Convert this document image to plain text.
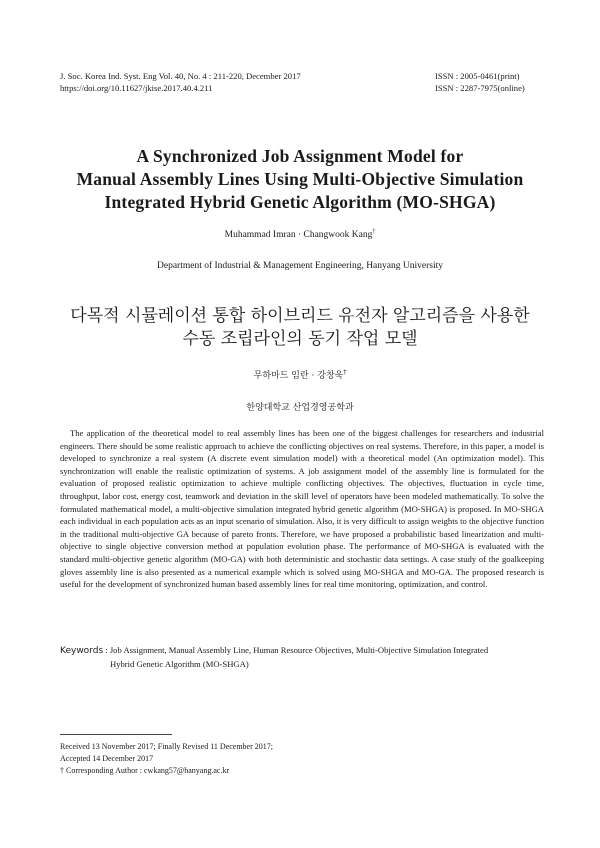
J. Soc. Korea Ind. Syst. Eng Vol. 40, No. 4 : 211-220, December 2017
https://doi.org/10.11627/jkise.2017.40.4.211
ISSN : 2005-0461(print)
ISSN : 2287-7975(online)
A Synchronized Job Assignment Model for
Manual Assembly Lines Using Multi-Objective Simulation
Integrated Hybrid Genetic Algorithm (MO-SHGA)
Muhammad Imran · Changwook Kang†
Department of Industrial & Management Engineering, Hanyang University
다목적 시뮬레이션 통합 하이브리드 유전자 알고리즘을 사용한
수동 조립라인의 동기 작업 모델
무하마드 임란 · 강창욱†
한양대학교 산업경영공학과

The application of the theoretical model to real assembly lines has been one of the biggest challenges for researchers and industrial engineers. There should be some realistic approach to achieve the conflicting objectives on real systems. Therefore, in this paper, a model is developed to synchronize a real system (A discrete event simulation model) with a theoretical model (An optimization model). This synchronization will enable the realistic optimization of systems. A job assignment model of the assembly line is formulated for the evaluation of proposed realistic optimization to achieve multiple conflicting objectives. The objectives, fluctuation in cycle time, throughput, labor cost, energy cost, teamwork and deviation in the skill level of operators have been modeled mathematically. To solve the formulated mathematical model, a multi-objective simulation integrated hybrid genetic algorithm (MO-SHGA) is proposed. In MO-SHGA each individual in each population acts as an input scenario of simulation. Also, it is very difficult to assign weights to the objective function in the traditional multi-objective GA because of pareto fronts. Therefore, we have proposed a probabilistic based linearization and multi-objective to single objective conversion method at population evolution phase. The performance of MO-SHGA is evaluated with the standard multi-objective genetic algorithm (MO-GA) with both deterministic and stochastic data settings. A case study of the goalkeeping gloves assembly line is also presented as a numerical example which is solved using MO-SHGA and MO-GA. The proposed research is useful for the development of synchronized human based assembly lines for real time monitoring, optimization, and control.

Keywords : Job Assignment, Manual Assembly Line, Human Resource Objectives, Multi-Objective Simulation Integrated
Hybrid Genetic Algorithm (MO-SHGA)
Received 13 November 2017; Finally Revised 11 December 2017;
Accepted 14 December 2017
† Corresponding Author : cwkang57@hanyang.ac.kr
